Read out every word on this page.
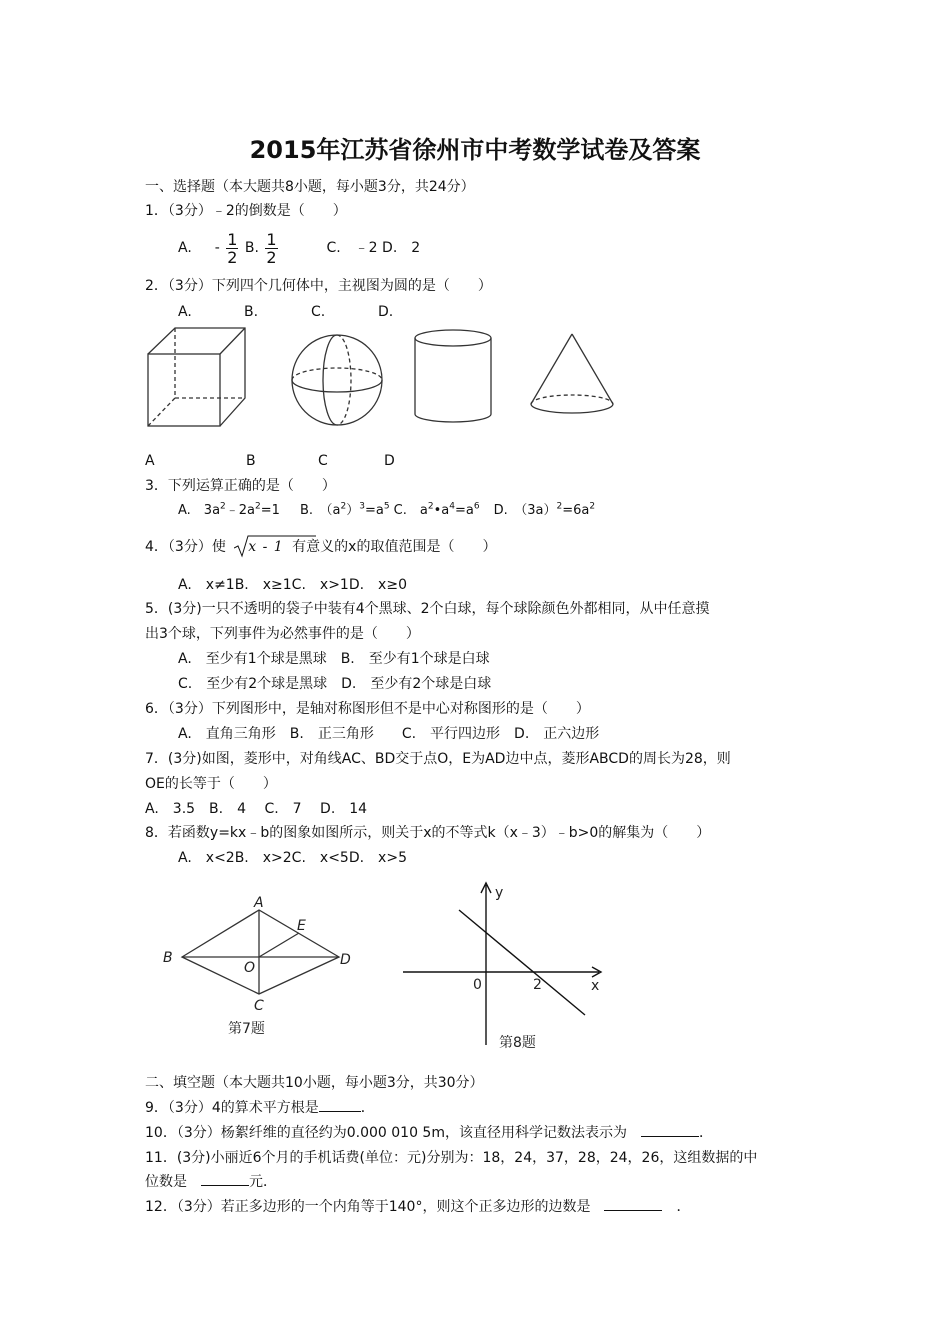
2015年江苏省徐州市中考数学试卷及答案
一、选择题（本大题共8小题，每小题3分，共24分）
1．（3分）﹣2的倒数是（　　）
A. - $\frac{1}{2} B$. $\frac{1}{2}$	C.　﹣2 D.　2
2．（3分）下列四个几何体中，主视图为圆的是（　　）
A.	B.	C.	D.
A	B	C	D
3．下列运算正确的是（　　）
A.　$3a^2﹣2a^2=1$ B.　$(a^2)^3=a^5$ C.　$a^2•a^4=a^6$ D.　$(3a)^2=6a^2$
4．（3分）使 x - 1 有意义的x的取值范围是（　　）
A.　x≠1B.　x≥1C.　x>1D.　x≥0
5．(3分)一只不透明的袋子中装有4个黑球、2个白球，每个球除颜色外都相同，从中任意摸
出3个球，下列事件为必然事件的是（　　）
A.　至少有1个球是黑球　B.　至少有1个球是白球
C.　至少有2个球是黑球　D.　至少有2个球是白球
6．（3分）下列图形中，是轴对称图形但不是中心对称图形的是（　　）
A.　直角三角形　B.　正三角形　　C.　平行四边形　D.　正六边形
7．(3分)如图，菱形中，对角线AC、BD交于点O，E为AD边中点，菱形ABCD的周长为28，则
OE的长等于（　　）
A.　3.5　B.　4　 C.　7　 D.　14
8．若函数y=kx﹣b的图象如图所示，则关于x的不等式k（x﹣3）﹣b>0的解集为（　　）
A.　x<2B.　x>2C.　x<5D.　x>5
A
B
C
D
E
O
第7题
y
x
0	2
第8题
二、填空题（本大题共10小题，每小题3分，共30分）
9．（3分）4的算术平方根是	．
10．（3分）杨絮纤维的直径约为0.000 010 5m，该直径用科学记数法表示为　	．
11．(3分)小丽近6个月的手机话费(单位：元)分别为：18，24，37，28，24，26，这组数据的中
位数是　	元．
12．（3分）若正多边形的一个内角等于140°，则这个正多边形的边数是　	　．
